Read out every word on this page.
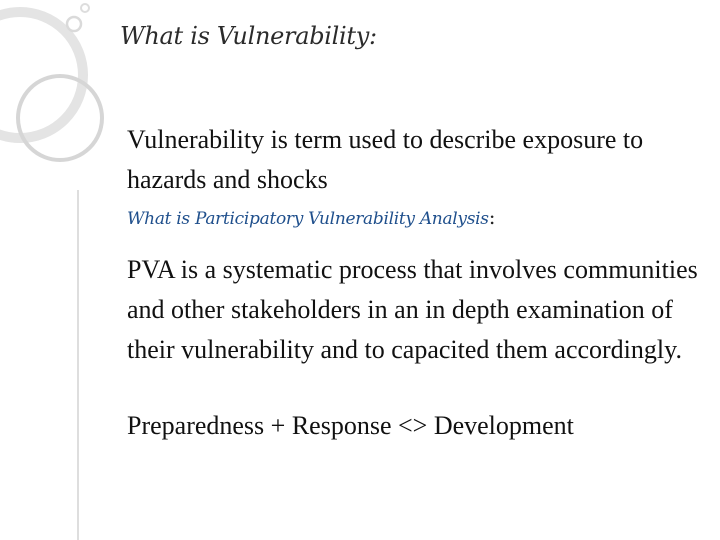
What is Vulnerability:
Vulnerability is term used to describe exposure to hazards and shocks
What is Participatory Vulnerability Analysis:
PVA is a systematic process that involves communities and other stakeholders in an in depth examination of their vulnerability and to capacited them accordingly.
Preparedness + Response <> Development
